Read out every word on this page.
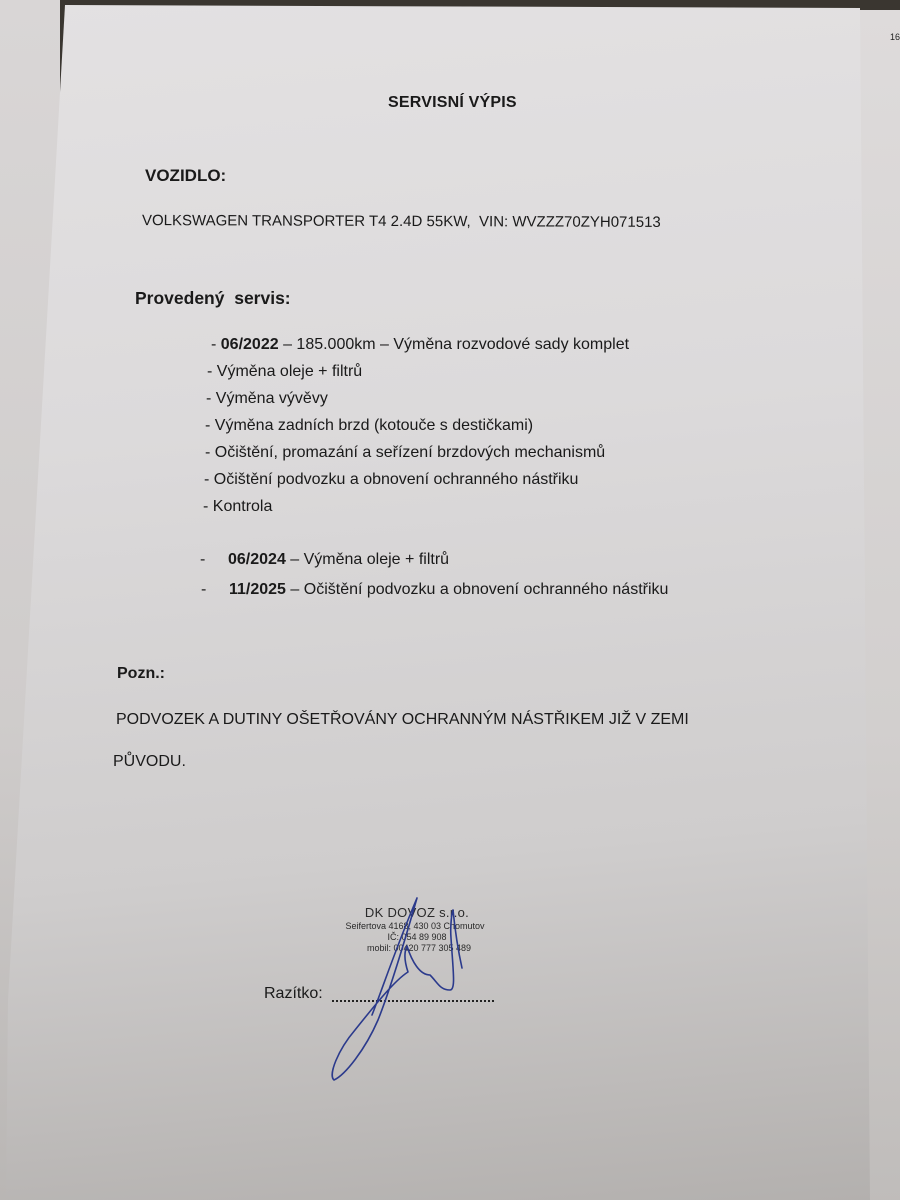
16
SERVISNÍ VÝPIS
VOZIDLO:
VOLKSWAGEN TRANSPORTER T4 2.4D 55KW,  VIN: WVZZZ70ZYH071513
Provedený  servis:
- 06/2022 – 185.000km – Výměna rozvodové sady komplet
- Výměna oleje + filtrů
- Výměna vývěvy
- Výměna zadních brzd (kotouče s destičkami)
- Očištění, promazání a seřízení brzdových mechanismů
- Očištění podvozku a obnovení ochranného nástřiku
- Kontrola
-	06/2024 – Výměna oleje + filtrů
-	11/2025 – Očištění podvozku a obnovení ochranného nástřiku
Pozn.:
PODVOZEK A DUTINY OŠETŘOVÁNY OCHRANNÝM NÁSTŘIKEM JIŽ V ZEMI
PŮVODU.
DK DOVOZ s.r.o.
Seifertova 4168, 430 03 Chomutov
IČ: 054 89 908
mobil: 00420 777 305 489
Razítko:
